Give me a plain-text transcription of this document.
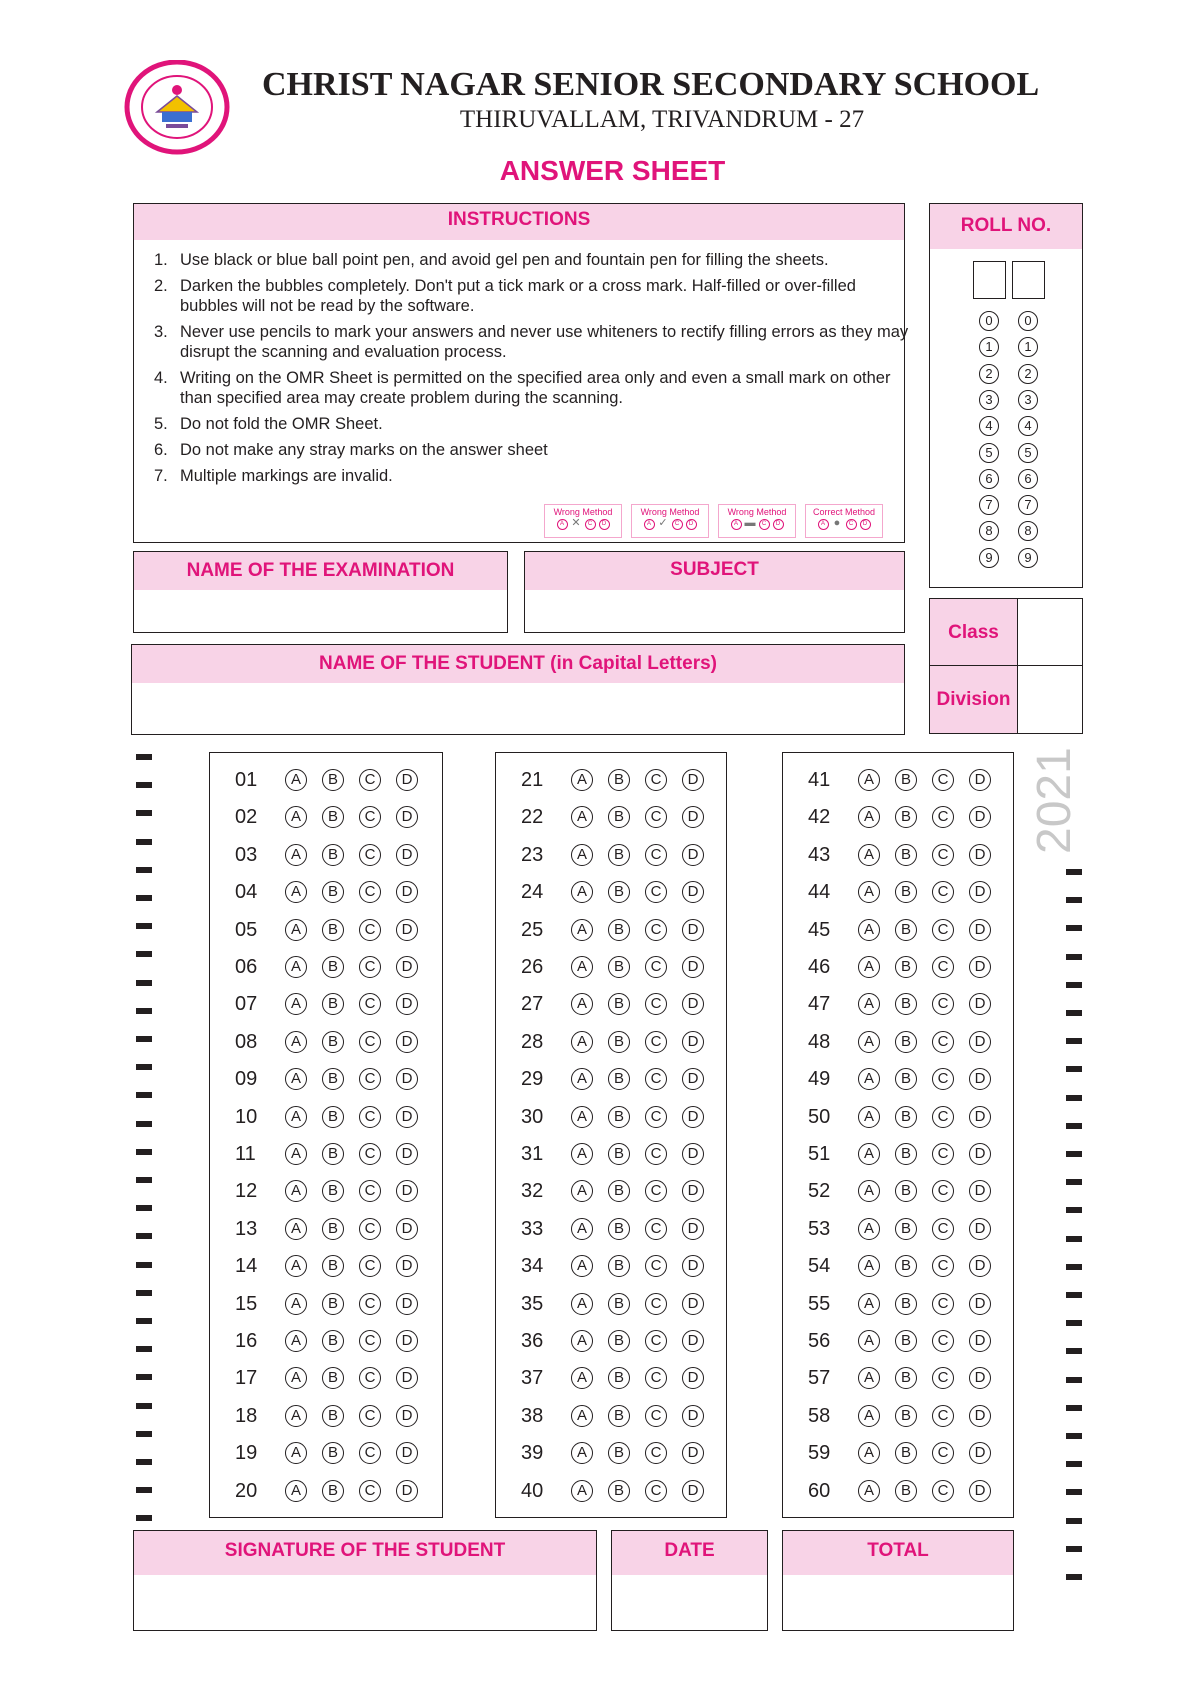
CHRIST NAGAR SENIOR SECONDARY SCHOOL
THIRUVALLAM, TRIVANDRUM - 27
ANSWER SHEET
INSTRUCTIONS
1. Use black or blue ball point pen, and avoid gel pen and fountain pen for filling the sheets.
2. Darken the bubbles completely. Don't put a tick mark or a cross mark. Half-filled or over-filled bubbles will not be read by the software.
3. Never use pencils to mark your answers and never use whiteners to rectify filling errors as they may disrupt the scanning and evaluation process.
4. Writing on the OMR Sheet is permitted on the specified area only and even a small mark on other than specified area may create problem during the scanning.
5. Do not fold the OMR Sheet.
6. Do not make any stray marks on the answer sheet
7. Multiple markings are invalid.
Wrong Method
A ✕	C	D
Wrong Method
A ✓	C	D
Wrong Method
A ▬	C	D
Correct Method
A ●	C	D
ROLL NO.
0	0
1	1
2	2
3	3
4	4
5	5
6	6
7	7
8	8
9	9
NAME OF THE EXAMINATION	SUBJECT
Class
Division
NAME OF THE STUDENT (in Capital Letters)
01	A	B	C	D
02	A	B	C	D
03	A	B	C	D
04	A	B	C	D
05	A	B	C	D
06	A	B	C	D
07	A	B	C	D
08	A	B	C	D
09	A	B	C	D
10	A	B	C	D
11	A	B	C	D
12	A	B	C	D
13	A	B	C	D
14	A	B	C	D
15	A	B	C	D
16	A	B	C	D
17	A	B	C	D
18	A	B	C	D
19	A	B	C	D
20	A	B	C	D
21	A	B	C	D
22	A	B	C	D
23	A	B	C	D
24	A	B	C	D
25	A	B	C	D
26	A	B	C	D
27	A	B	C	D
28	A	B	C	D
29	A	B	C	D
30	A	B	C	D
31	A	B	C	D
32	A	B	C	D
33	A	B	C	D
34	A	B	C	D
35	A	B	C	D
36	A	B	C	D
37	A	B	C	D
38	A	B	C	D
39	A	B	C	D
40	A	B	C	D
41	A	B	C	D
42	A	B	C	D
43	A	B	C	D
44	A	B	C	D
45	A	B	C	D
46	A	B	C	D
47	A	B	C	D
48	A	B	C	D
49	A	B	C	D
50	A	B	C	D
51	A	B	C	D
52	A	B	C	D
53	A	B	C	D
54	A	B	C	D
55	A	B	C	D
56	A	B	C	D
57	A	B	C	D
58	A	B	C	D
59	A	B	C	D
60	A	B	C	D
2021
SIGNATURE OF THE STUDENT	DATE	TOTAL
